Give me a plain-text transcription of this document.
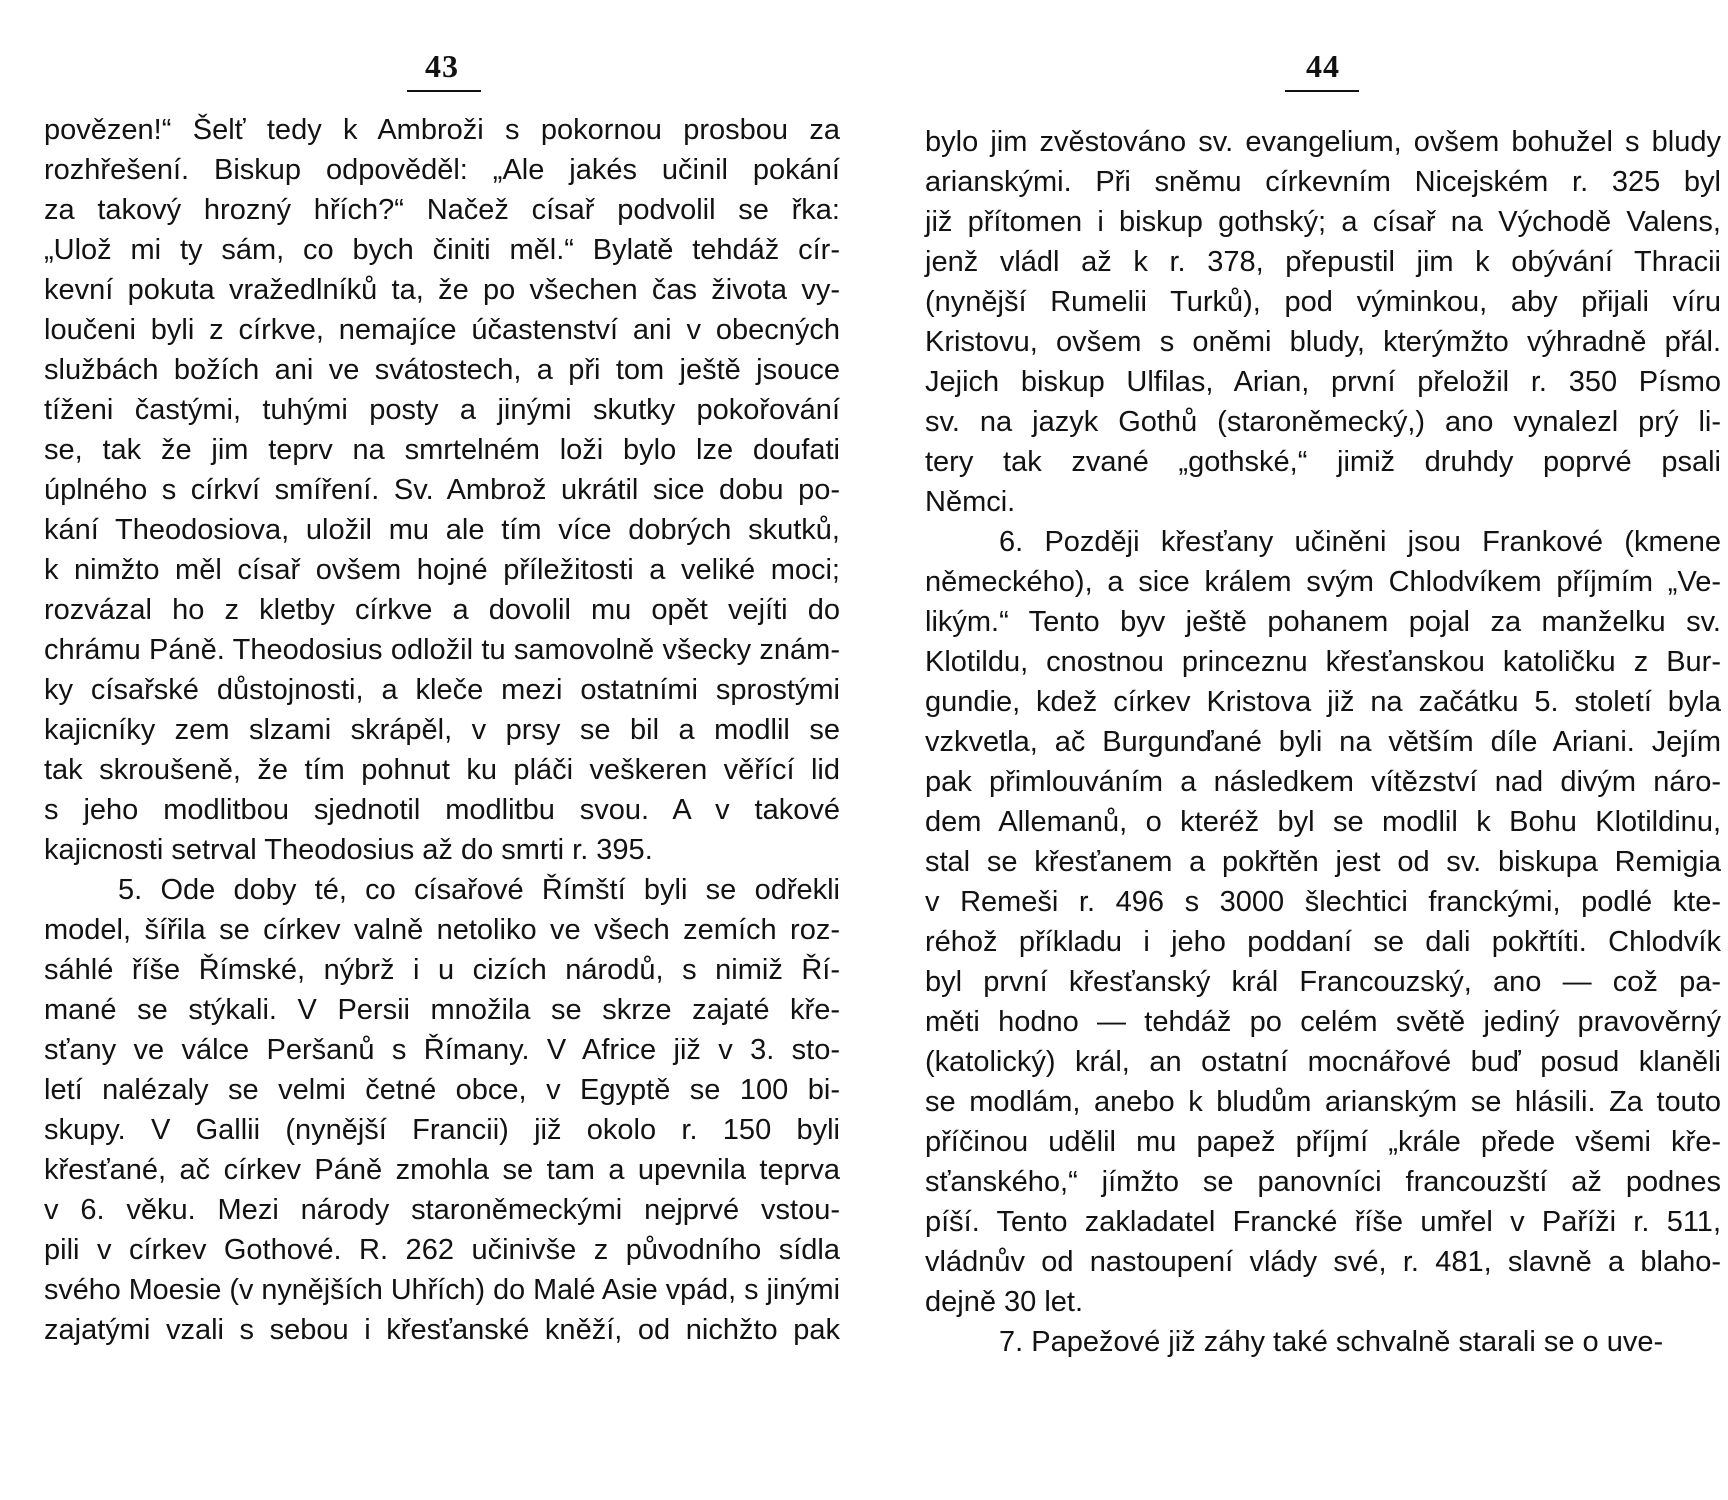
43
povězen!“ Šelť tedy k Ambroži s pokornou prosbou za
rozhřešení. Biskup odpověděl: „Ale jakés učinil pokání
za takový hrozný hřích?“ Načež císař podvolil se řka:
„Ulož mi ty sám, co bych činiti měl.“ Bylatě tehdáž cír-
kevní pokuta vražedlníků ta, že po všechen čas života vy-
loučeni byli z církve, nemajíce účastenství ani v obecných
službách božích ani ve svátostech, a při tom ještě jsouce
tíženi častými, tuhými posty a jinými skutky pokořování
se, tak že jim teprv na smrtelném loži bylo lze doufati
úplného s církví smíření. Sv. Ambrož ukrátil sice dobu po-
kání Theodosiova, uložil mu ale tím více dobrých skutků,
k nimžto měl císař ovšem hojné příležitosti a veliké moci;
rozvázal ho z kletby církve a dovolil mu opět vejíti do
chrámu Páně. Theodosius odložil tu samovolně všecky znám-
ky císařské důstojnosti, a kleče mezi ostatními sprostými
kajicníky zem slzami skrápěl, v prsy se bil a modlil se
tak skroušeně, že tím pohnut ku pláči veškeren věřící lid
s jeho modlitbou sjednotil modlitbu svou. A v takové
kajicnosti setrval Theodosius až do smrti r. 395.
5. Ode doby té, co císařové Římští byli se odřekli
model, šířila se církev valně netoliko ve všech zemích roz-
sáhlé říše Římské, nýbrž i u cizích národů, s nimiž Ří-
mané se stýkali. V Persii množila se skrze zajaté kře-
sťany ve válce Peršanů s Římany. V Africe již v 3. sto-
letí nalézaly se velmi četné obce, v Egyptě se 100 bi-
skupy. V Gallii (nynější Francii) již okolo r. 150 byli
křesťané, ač církev Páně zmohla se tam a upevnila teprva
v 6. věku. Mezi národy staroněmeckými nejprvé vstou-
pili v církev Gothové. R. 262 učinivše z původního sídla
svého Moesie (v nynějších Uhřích) do Malé Asie vpád, s jinými
zajatými vzali s sebou i křesťanské kněží, od nichžto pak
44
bylo jim zvěstováno sv. evangelium, ovšem bohužel s bludy
arianskými. Při sněmu církevním Nicejském r. 325 byl
již přítomen i biskup gothský; a císař na Východě Valens,
jenž vládl až k r. 378, přepustil jim k obývání Thracii
(nynější Rumelii Turků), pod výminkou, aby přijali víru
Kristovu, ovšem s oněmi bludy, kterýmžto výhradně přál.
Jejich biskup Ulfilas, Arian, první přeložil r. 350 Písmo
sv. na jazyk Gothů (staroněmecký,) ano vynalezl prý li-
tery tak zvané „gothské,“ jimiž druhdy poprvé psali
Němci.
6. Později křesťany učiněni jsou Frankové (kmene
německého), a sice králem svým Chlodvíkem příjmím „Ve-
likým.“ Tento byv ještě pohanem pojal za manželku sv.
Klotildu, cnostnou princeznu křesťanskou katoličku z Bur-
gundie, kdež církev Kristova již na začátku 5. století byla
vzkvetla, ač Burgunďané byli na větším díle Ariani. Jejím
pak přimlouváním a následkem vítězství nad divým náro-
dem Allemanů, o kteréž byl se modlil k Bohu Klotildinu,
stal se křesťanem a pokřtěn jest od sv. biskupa Remigia
v Remeši r. 496 s 3000 šlechtici franckými, podlé kte-
réhož příkladu i jeho poddaní se dali pokřtíti. Chlodvík
byl první křesťanský král Francouzský, ano — což pa-
měti hodno — tehdáž po celém světě jediný pravověrný
(katolický) král, an ostatní mocnářové buď posud klaněli
se modlám, anebo k bludům arianským se hlásili. Za touto
příčinou udělil mu papež příjmí „krále přede všemi kře-
sťanského,“ jímžto se panovníci francouzští až podnes
píší. Tento zakladatel Francké říše umřel v Paříži r. 511,
vládnův od nastoupení vlády své, r. 481, slavně a blaho-
dejně 30 let.
7. Papežové již záhy také schvalně starali se o uve-
